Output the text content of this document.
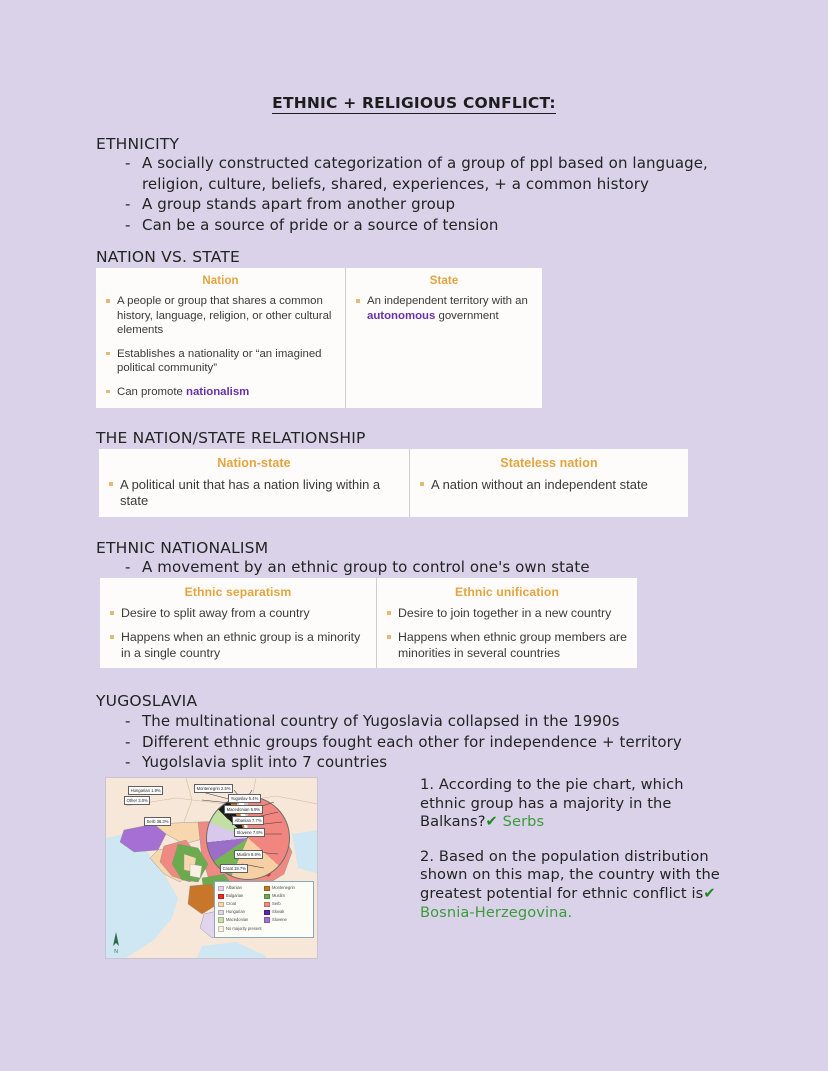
ETHNIC + RELIGIOUS CONFLICT:
ETHNICITY
- A socially constructed categorization of a group of ppl based on language, religion, culture, beliefs, shared, experiences, + a common history
- A group stands apart from another group
- Can be a source of pride or a source of tension
NATION VS. STATE
Nation
A people or group that shares a common history, language, religion, or other cultural elements
Establishes a nationality or “an imagined political community”
Can promote nationalism
State
An independent territory with an autonomous government
THE NATION/STATE RELATIONSHIP
Nation-state
A political unit that has a nation living within a state
Stateless nation
A nation without an independent state
ETHNIC NATIONALISM
- A movement by an ethnic group to control one's own state
Ethnic separatism
Desire to split away from a country
Happens when an ethnic group is a minority in a single country
Ethnic unification
Desire to join together in a new country
Happens when ethnic group members are minorities in several countries
YUGOSLAVIA
- The multinational country of Yugoslavia collapsed in the 1990s
- Different ethnic groups fought each other for independence + territory
- Yugolslavia split into 7 countries
Hungarian 1.9%
Other 3.0%
Montenegrin 2.5%
Yugoslav 5.4%
Macedonian 5.9%
Albanian 7.7%
Slovene 7.8%
Muslim 8.9%
Croat 19.7%
Serb 36.3%
Albanian
Bulgarian
Croat
Hungarian
Macedonian
Montenegrin
Muslim
Serb
Slovak
Slovene
No majority present
N
1. According to the pie chart, which ethnic group has a majority in the Balkans?✔ Serbs
2. Based on the population distribution shown on this map, the country with the greatest potential for ethnic conflict is✔ Bosnia-Herzegovina.
